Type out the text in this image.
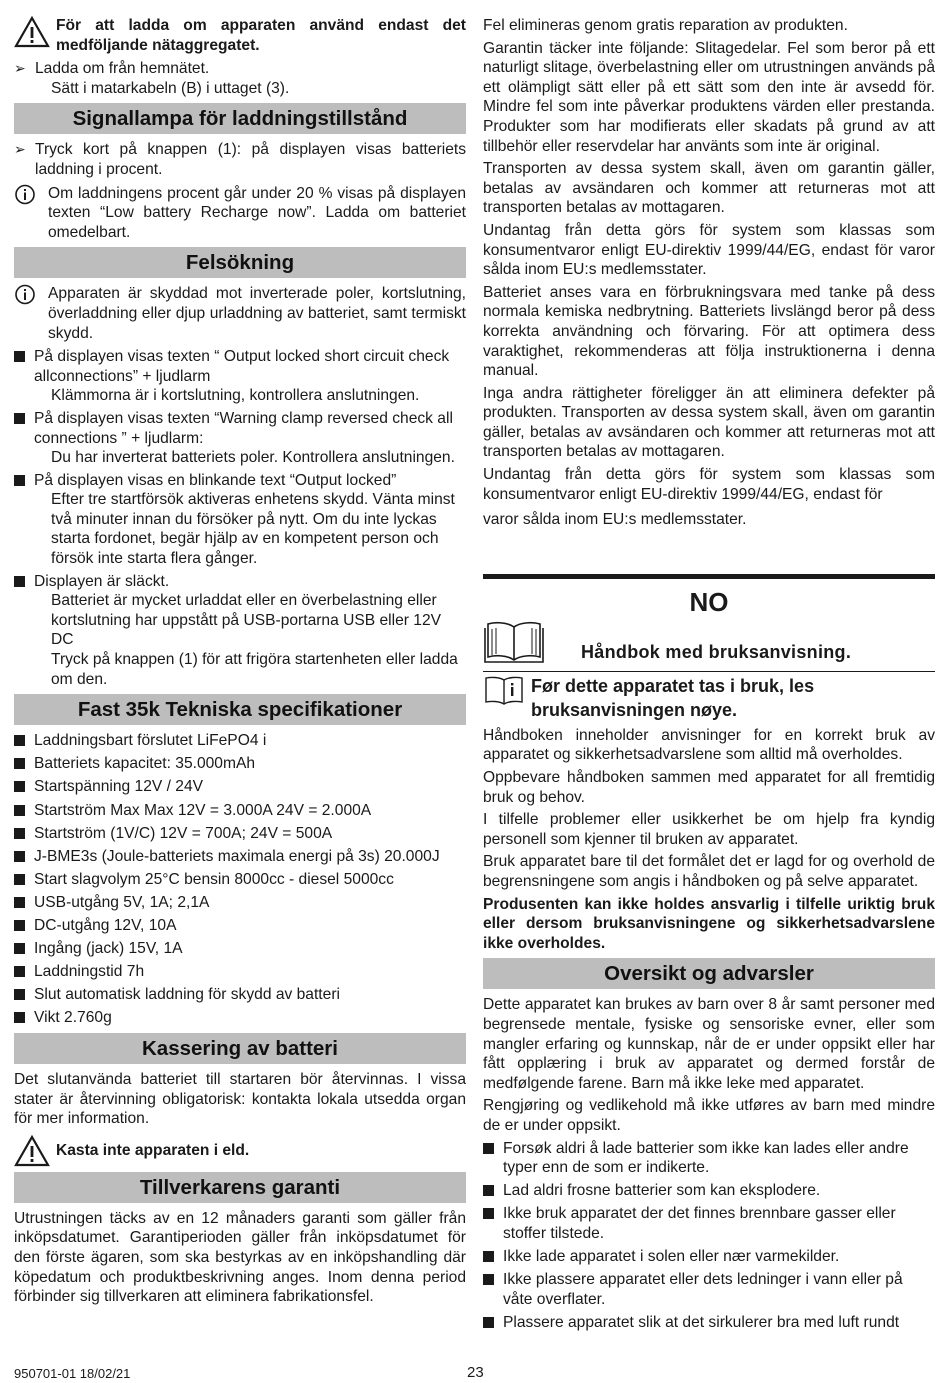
För att ladda om apparaten använd endast det medföljande nätaggregatet.
➢ Ladda om från hemnätet.
Sätt i matarkabeln (B) i uttaget (3).
Signallampa för laddningstillstånd
➢ Tryck kort på knappen (1): på displayen visas batteriets laddning i procent.
Om laddningens procent går under 20 % visas på displayen texten “Low battery Recharge now”. Ladda om batteriet omedelbart.
Felsökning
Apparaten är skyddad mot inverterade poler, kortslutning, överladdning eller djup urladdning av batteriet, samt termiskt skydd.
På displayen visas texten “ Output locked short circuit check allconnections” + ljudlarm
Klämmorna är i kortslutning, kontrollera anslutningen.
På displayen visas texten “Warning clamp reversed check all connections ” + ljudlarm:
Du har inverterat batteriets poler. Kontrollera anslutningen.
På displayen visas en blinkande text “Output locked”
Efter tre startförsök aktiveras enhetens skydd. Vänta minst två minuter innan du försöker på nytt. Om du inte lyckas starta fordonet, begär hjälp av en kompetent person och försök inte starta flera gånger.
Displayen är släckt.
Batteriet är mycket urladdat eller en överbelastning eller kortslutning har uppstått på USB-portarna USB eller 12V DC
Tryck på knappen (1) för att frigöra startenheten eller ladda om den.
Fast 35k Tekniska specifikationer
Laddningsbart förslutet LiFePO4 i
Batteriets kapacitet: 35.000mAh
Startspänning 12V / 24V
Startström Max Max 12V = 3.000A 24V = 2.000A
Startström (1V/C) 12V = 700A; 24V = 500A
J-BME3s (Joule-batteriets maximala energi på 3s) 20.000J
Start slagvolym 25°C bensin 8000cc - diesel 5000cc
USB-utgång 5V, 1A; 2,1A
DC-utgång 12V, 10A
Ingång (jack) 15V, 1A
Laddningstid 7h
Slut automatisk laddning för skydd av batteri
Vikt 2.760g
Kassering av batteri

Det slutanvända batteriet till startaren bör återvinnas. I vissa stater är återvinning obligatorisk: kontakta lokala utsedda organ för mer information.

Kasta inte apparaten i eld.
Tillverkarens garanti

Utrustningen täcks av en 12 månaders garanti som gäller från inköpsdatumet. Garantiperioden gäller från inköpsdatumet för den förste ägaren, som ska bestyrkas av en inköpshandling där köpedatum och produktbeskrivning anges. Inom denna period förbinder sig tillverkaren att eliminera fabrikationsfel.

Fel elimineras genom gratis reparation av produkten.

Garantin täcker inte följande: Slitagedelar. Fel som beror på ett naturligt slitage, överbelastning eller om utrustningen används på ett olämpligt sätt eller på ett sätt som den inte är avsedd för. Mindre fel som inte påverkar produktens värden eller prestanda. Produkter som har modifierats eller skadats på grund av att tillbehör eller reservdelar har använts som inte är original.

Transporten av dessa system skall, även om garantin gäller, betalas av avsändaren och kommer att returneras mot att transporten betalas av mottagaren.

Undantag från detta görs för system som klassas som konsumentvaror enligt EU-direktiv 1999/44/EG, endast för varor sålda inom EU:s medlemsstater.

Batteriet anses vara en förbrukningsvara med tanke på dess normala kemiska nedbrytning. Batteriets livslängd beror på dess korrekta användning och förvaring. För att optimera dess varaktighet, rekommenderas att följa instruktionerna i denna manual.

Inga andra rättigheter föreligger än att eliminera defekter på produkten. Transporten av dessa system skall, även om garantin gäller, betalas av avsändaren och kommer att returneras mot att transporten betalas av mottagaren.

Undantag från detta görs för system som klassas som konsumentvaror enligt EU-direktiv 1999/44/EG, endast för

varor sålda inom EU:s medlemsstater.

NO
Håndbok med bruksanvisning.
Før dette apparatet tas i bruk, les bruksanvisningen nøye.

Håndboken inneholder anvisninger for en korrekt bruk av apparatet og sikkerhetsadvarslene som alltid må overholdes.

Oppbevare håndboken sammen med apparatet for all fremtidig bruk og behov.

I tilfelle problemer eller usikkerhet be om hjelp fra kyndig personell som kjenner til bruken av apparatet.

Bruk apparatet bare til det formålet det er lagd for og overhold de begrensningene som angis i håndboken og på selve apparatet.

Produsenten kan ikke holdes ansvarlig i tilfelle uriktig bruk eller dersom bruksanvisningene og sikkerhetsadvarslene ikke overholdes.

Oversikt og advarsler

Dette apparatet kan brukes av barn over 8 år samt personer med begrensede mentale, fysiske og sensoriske evner, eller som mangler erfaring og kunnskap, når de er under oppsikt eller har fått opplæring i bruk av apparatet og dermed forstår de medfølgende farene. Barn må ikke leke med apparatet.

Rengjøring og vedlikehold må ikke utføres av barn med mindre de er under oppsikt.

Forsøk aldri å lade batterier som ikke kan lades eller andre typer enn de som er indikerte.
Lad aldri frosne batterier som kan eksplodere.
Ikke bruk apparatet der det finnes brennbare gasser eller stoffer tilstede.
Ikke lade apparatet i solen eller nær varmekilder.
Ikke plassere apparatet eller dets ledninger i vann eller på våte overflater.
Plassere apparatet slik at det sirkulerer bra med luft rundt
950701-01 18/02/21	23
